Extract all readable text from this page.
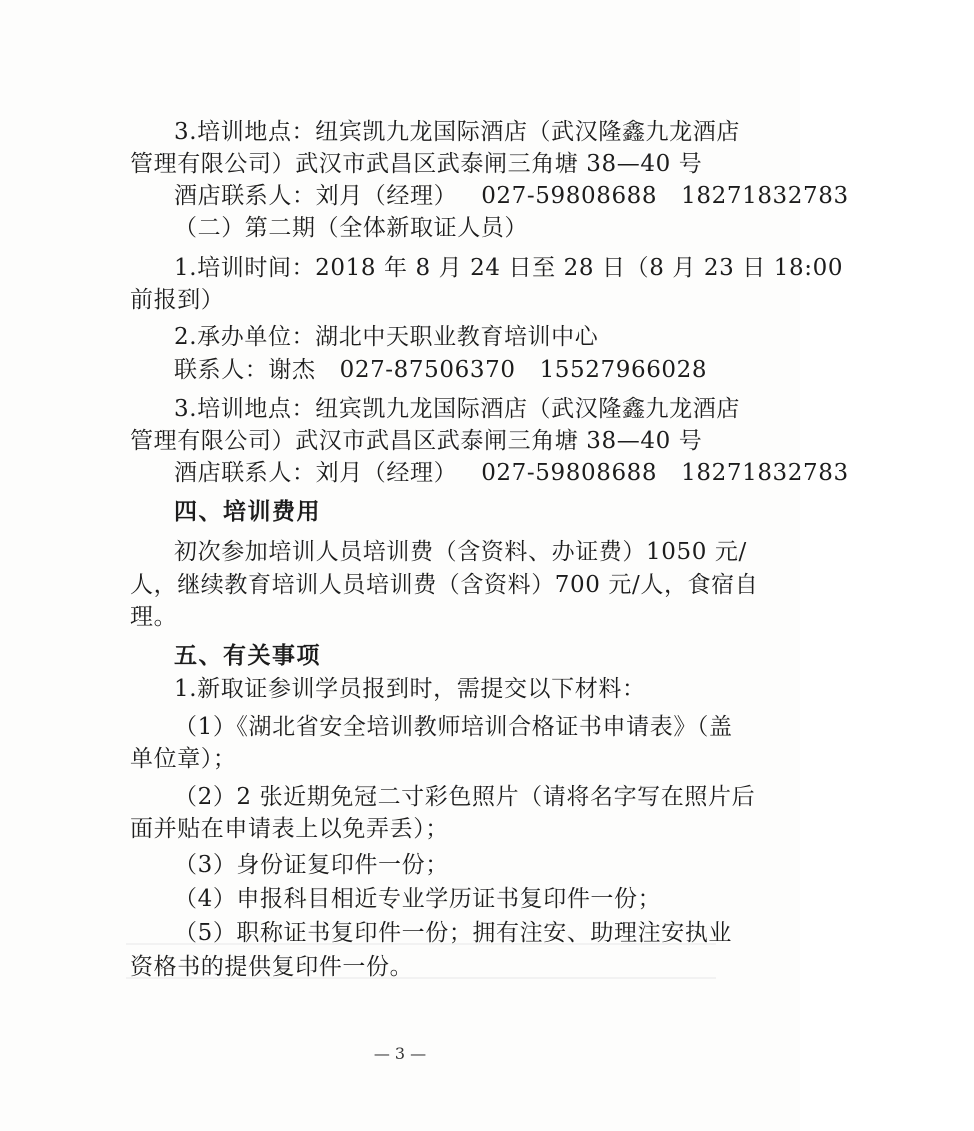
3.培训地点：纽宾凯九龙国际酒店（武汉隆鑫九龙酒店
管理有限公司）武汉市武昌区武泰闸三角塘 38—40 号
酒店联系人：刘月（经理） 027-59808688 18271832783
（二）第二期（全体新取证人员）
1.培训时间：2018 年 8 月 24 日至 28 日（8 月 23 日 18:00
前报到）
2.承办单位：湖北中天职业教育培训中心
联系人：谢杰 027-87506370 15527966028
3.培训地点：纽宾凯九龙国际酒店（武汉隆鑫九龙酒店
管理有限公司）武汉市武昌区武泰闸三角塘 38—40 号
酒店联系人：刘月（经理） 027-59808688 18271832783
四、培训费用
初次参加培训人员培训费（含资料、办证费）1050 元/
人，继续教育培训人员培训费（含资料）700 元/人，食宿自
理。
五、有关事项
1.新取证参训学员报到时，需提交以下材料：
（1）《湖北省安全培训教师培训合格证书申请表》（盖
单位章）；
（2）2 张近期免冠二寸彩色照片（请将名字写在照片后
面并贴在申请表上以免弄丢）；
（3）身份证复印件一份；
（4）申报科目相近专业学历证书复印件一份；
（5）职称证书复印件一份；拥有注安、助理注安执业
资格书的提供复印件一份。
— 3 —
